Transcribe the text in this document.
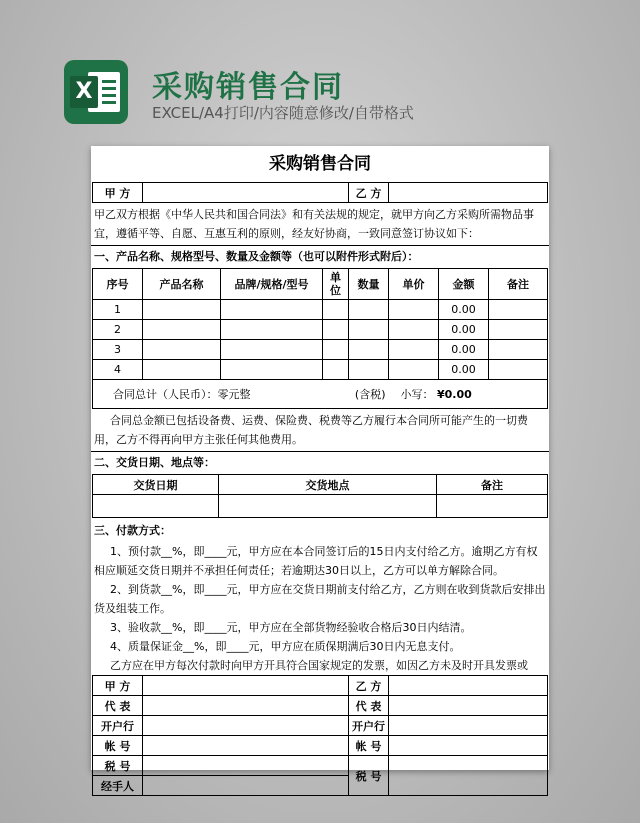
X 采购销售合同
EXCEL/A4打印/内容随意修改/自带格式
采购销售合同
甲 方		乙 方	
甲乙双方根据《中华人民共和国合同法》和有关法规的规定，就甲方向乙方采购所需物品事宜，遵循平等、自愿、互惠互利的原则，经友好协商，一致同意签订协议如下：
一、产品名称、规格型号、数量及金额等（也可以附件形式附后）：
序号	产品名称	品牌/规格/型号	单位	数量	单价	金额	备注
1						0.00	
2						0.00	
3						0.00	
4						0.00	
合同总计（人民币）：零元整 (含税)					小写： ¥0.00		
合同总金额已包括设备费、运费、保险费、税费等乙方履行本合同所可能产生的一切费用，乙方不得再向甲方主张任何其他费用。
二、交货日期、地点等：
交货日期	交货地点	备注

三、付款方式：
1、预付款__%，即____元，甲方应在本合同签订后的15日内支付给乙方。逾期乙方有权相应顺延交货日期并不承担任何责任；若逾期达30日以上，乙方可以单方解除合同。
2、到货款__%，即____元，甲方应在交货日期前支付给乙方，乙方则在收到货款后安排出货及组装工作。
3、验收款__%，即____元，甲方应在全部货物经验收合格后30日内结清。
4、质量保证金__%，即____元，甲方应在质保期满后30日内无息支付。
乙方应在甲方每次付款时向甲方开具符合国家规定的发票，如因乙方未及时开具发票或
甲 方		乙 方	
代 表		代 表	
开户行		开户行	
帐 号		帐 号	
税 号		税 号	
经手人			
